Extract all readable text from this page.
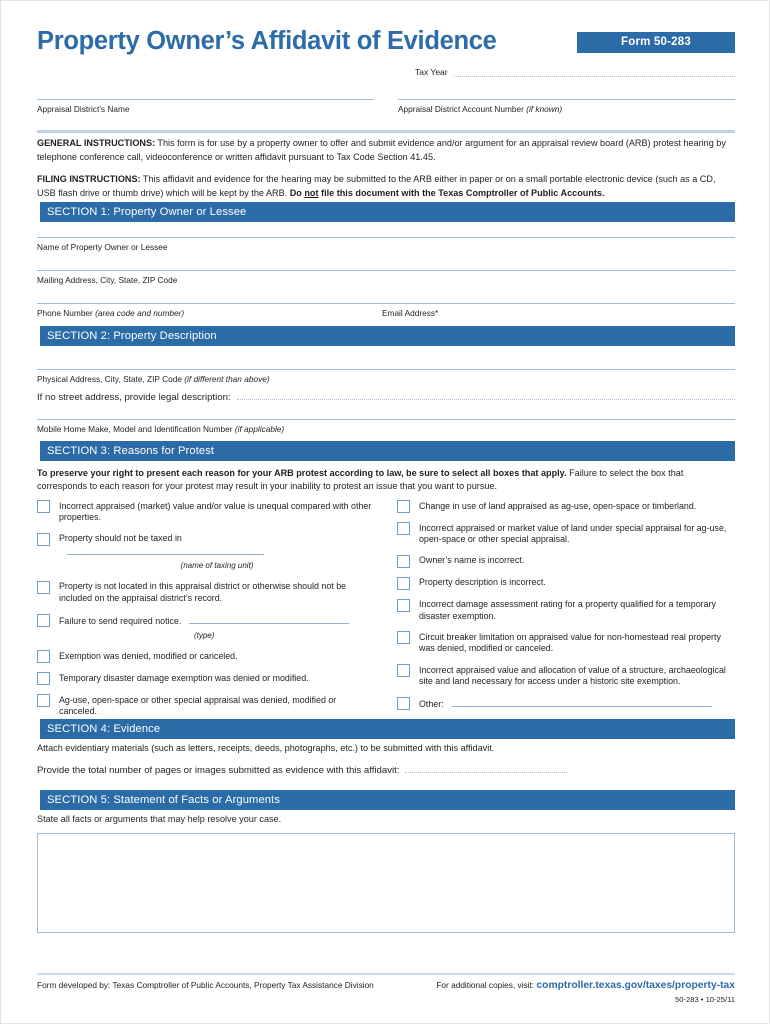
Property Owner’s Affidavit of Evidence	Form 50-283
Tax Year
Appraisal District’s Name	Appraisal District Account Number (if known)

GENERAL INSTRUCTIONS: This form is for use by a property owner to offer and submit evidence and/or argument for an appraisal review board (ARB) protest hearing by telephone conference call, videoconference or written affidavit pursuant to Tax Code Section 41.45.

FILING INSTRUCTIONS: This affidavit and evidence for the hearing may be submitted to the ARB either in paper or on a small portable electronic device (such as a CD, USB flash drive or thumb drive) which will be kept by the ARB. Do not file this document with the Texas Comptroller of Public Accounts.

SECTION 1: Property Owner or Lessee
Name of Property Owner or Lessee
Mailing Address, City, State, ZIP Code
Phone Number (area code and number)	Email Address*
SECTION 2: Property Description
Physical Address, City, State, ZIP Code (if different than above)
If no street address, provide legal description:
Mobile Home Make, Model and Identification Number (if applicable)
SECTION 3: Reasons for Protest
To preserve your right to present each reason for your ARB protest according to law, be sure to select all boxes that apply. Failure to select the box that corresponds to each reason for your protest may result in your inability to protest an issue that you want to pursue.
Incorrect appraised (market) value and/or value is unequal compared with other properties.
Property should not be taxed in.
(name of taxing unit)
Property is not located in this appraisal district or otherwise should not be included on the appraisal district’s record.
Failure to send required notice.
(type)
Exemption was denied, modified or canceled.
Temporary disaster damage exemption was denied or modified.
Ag-use, open-space or other special appraisal was denied, modified or canceled.
Change in use of land appraised as ag-use, open-space or timberland.
Incorrect appraised or market value of land under special appraisal for ag-use, open-space or other special appraisal.
Owner’s name is incorrect.
Property description is incorrect.
Incorrect damage assessment rating for a property qualified for a temporary disaster exemption.
Circuit breaker limitation on appraised value for non-homestead real property was denied, modified or canceled.
Incorrect appraised value and allocation of value of a structure, archaeological site and land necessary for access under a historic site exemption.
Other:
SECTION 4: Evidence
Attach evidentiary materials (such as letters, receipts, deeds, photographs, etc.) to be submitted with this affidavit.
Provide the total number of pages or images submitted as evidence with this affidavit:
SECTION 5: Statement of Facts or Arguments
State all facts or arguments that may help resolve your case.
Form developed by: Texas Comptroller of Public Accounts, Property Tax Assistance Division	For additional copies, visit: comptroller.texas.gov/taxes/property-tax
50-283 • 10-25/11
